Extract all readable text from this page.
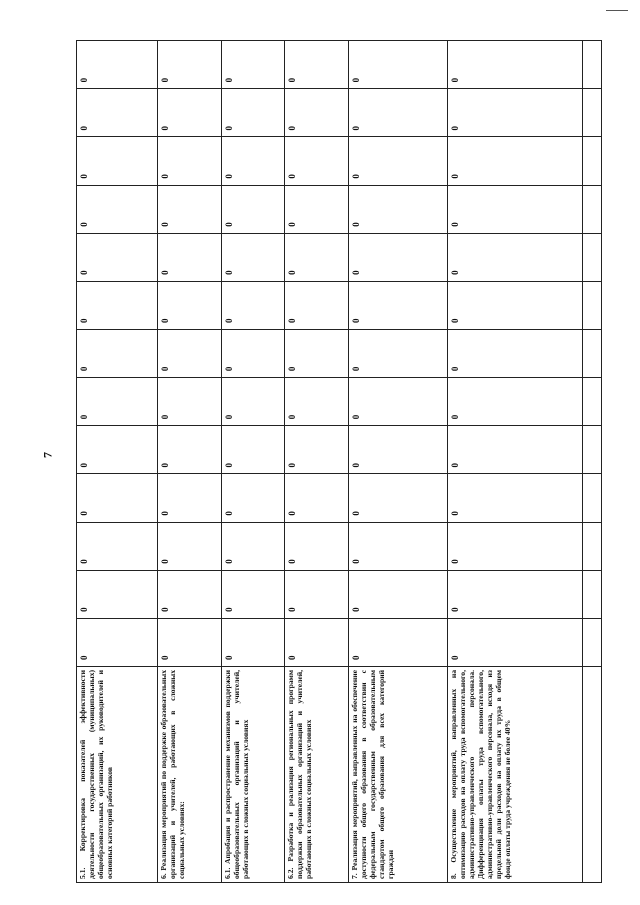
7
5.1. Корректировка показателей эффективности деятельности государственных (муниципальных) общеобразовательных организаций, их руководителей и основных категорий работников	0	0	0	0	0	0	0	0	0	0	0	0	0
6. Реализация мероприятий по поддержке образовательных организаций и учителей, работающих в сложных социальных условиях:	0	0	0	0	0	0	0	0	0	0	0	0	0
6.1. Апробация и распространение механизмов поддержки общеобразовательных организаций и учителей, работающих в сложных социальных условиях	0	0	0	0	0	0	0	0	0	0	0	0	0
6.2. Разработка и реализация региональных программ поддержки образовательных организаций и учителей, работающих в сложных социальных условиях	0	0	0	0	0	0	0	0	0	0	0	0	0
7. Реализация мероприятий, направленных на обеспечение доступности общего образования в соответствии с федеральным государственным образовательным стандартом общего образования для всех категорий граждан	0	0	0	0	0	0	0	0	0	0	0	0	0
8. Осуществление мероприятий, направленных на оптимизацию расходов на оплату труда вспомогательного, административно-управленческого персонала. Дифференциация оплаты труда вспомогательного, административно-управленческого персонала, исходя из предельной доли расходов на оплату их труда в общем фонде оплаты труда учреждения не более 40%	0	0	0	0	0	0	0	0	0	0	0	0	0
